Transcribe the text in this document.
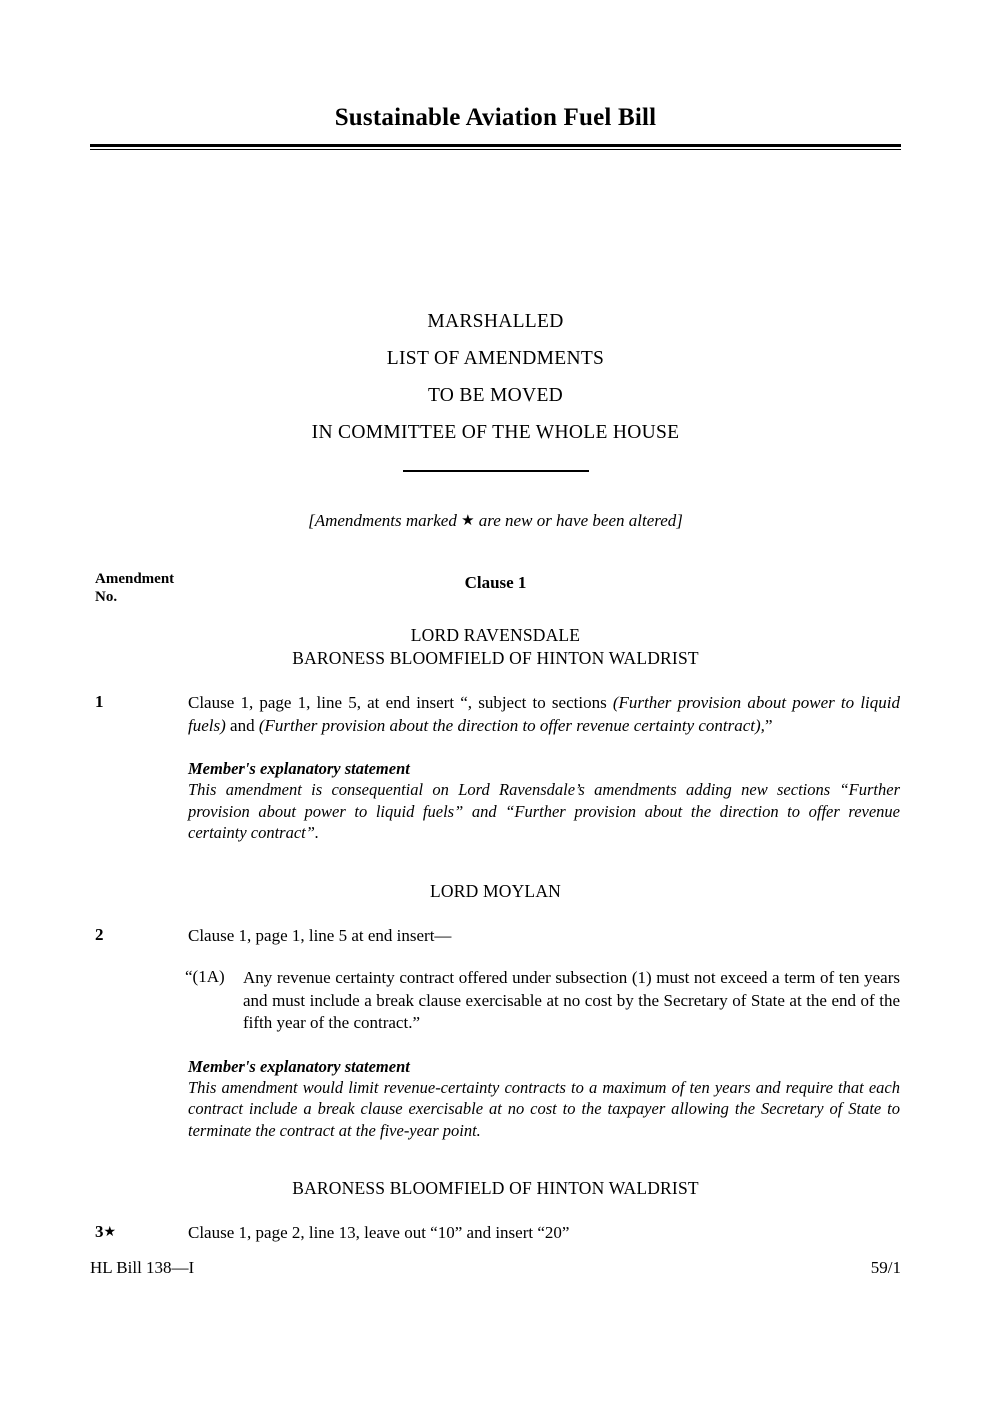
Sustainable Aviation Fuel Bill
MARSHALLED
LIST OF AMENDMENTS
TO BE MOVED
IN COMMITTEE OF THE WHOLE HOUSE
[Amendments marked ★ are new or have been altered]
Amendment
No.
Clause 1
LORD RAVENSDALE
BARONESS BLOOMFIELD OF HINTON WALDRIST
1	Clause 1, page 1, line 5, at end insert “, subject to sections (Further provision about power to liquid fuels) and (Further provision about the direction to offer revenue certainty contract),”
Member's explanatory statement
This amendment is consequential on Lord Ravensdale’s amendments adding new sections “Further provision about power to liquid fuels” and “Further provision about the direction to offer revenue certainty contract”.
LORD MOYLAN
2	Clause 1, page 1, line 5 at end insert—
“(1A) Any revenue certainty contract offered under subsection (1) must not exceed a term of ten years and must include a break clause exercisable at no cost by the Secretary of State at the end of the fifth year of the contract.”
Member's explanatory statement
This amendment would limit revenue-certainty contracts to a maximum of ten years and require that each contract include a break clause exercisable at no cost to the taxpayer allowing the Secretary of State to terminate the contract at the five-year point.
BARONESS BLOOMFIELD OF HINTON WALDRIST
3★	Clause 1, page 2, line 13, leave out “10” and insert “20”
HL Bill 138—I	59/1
